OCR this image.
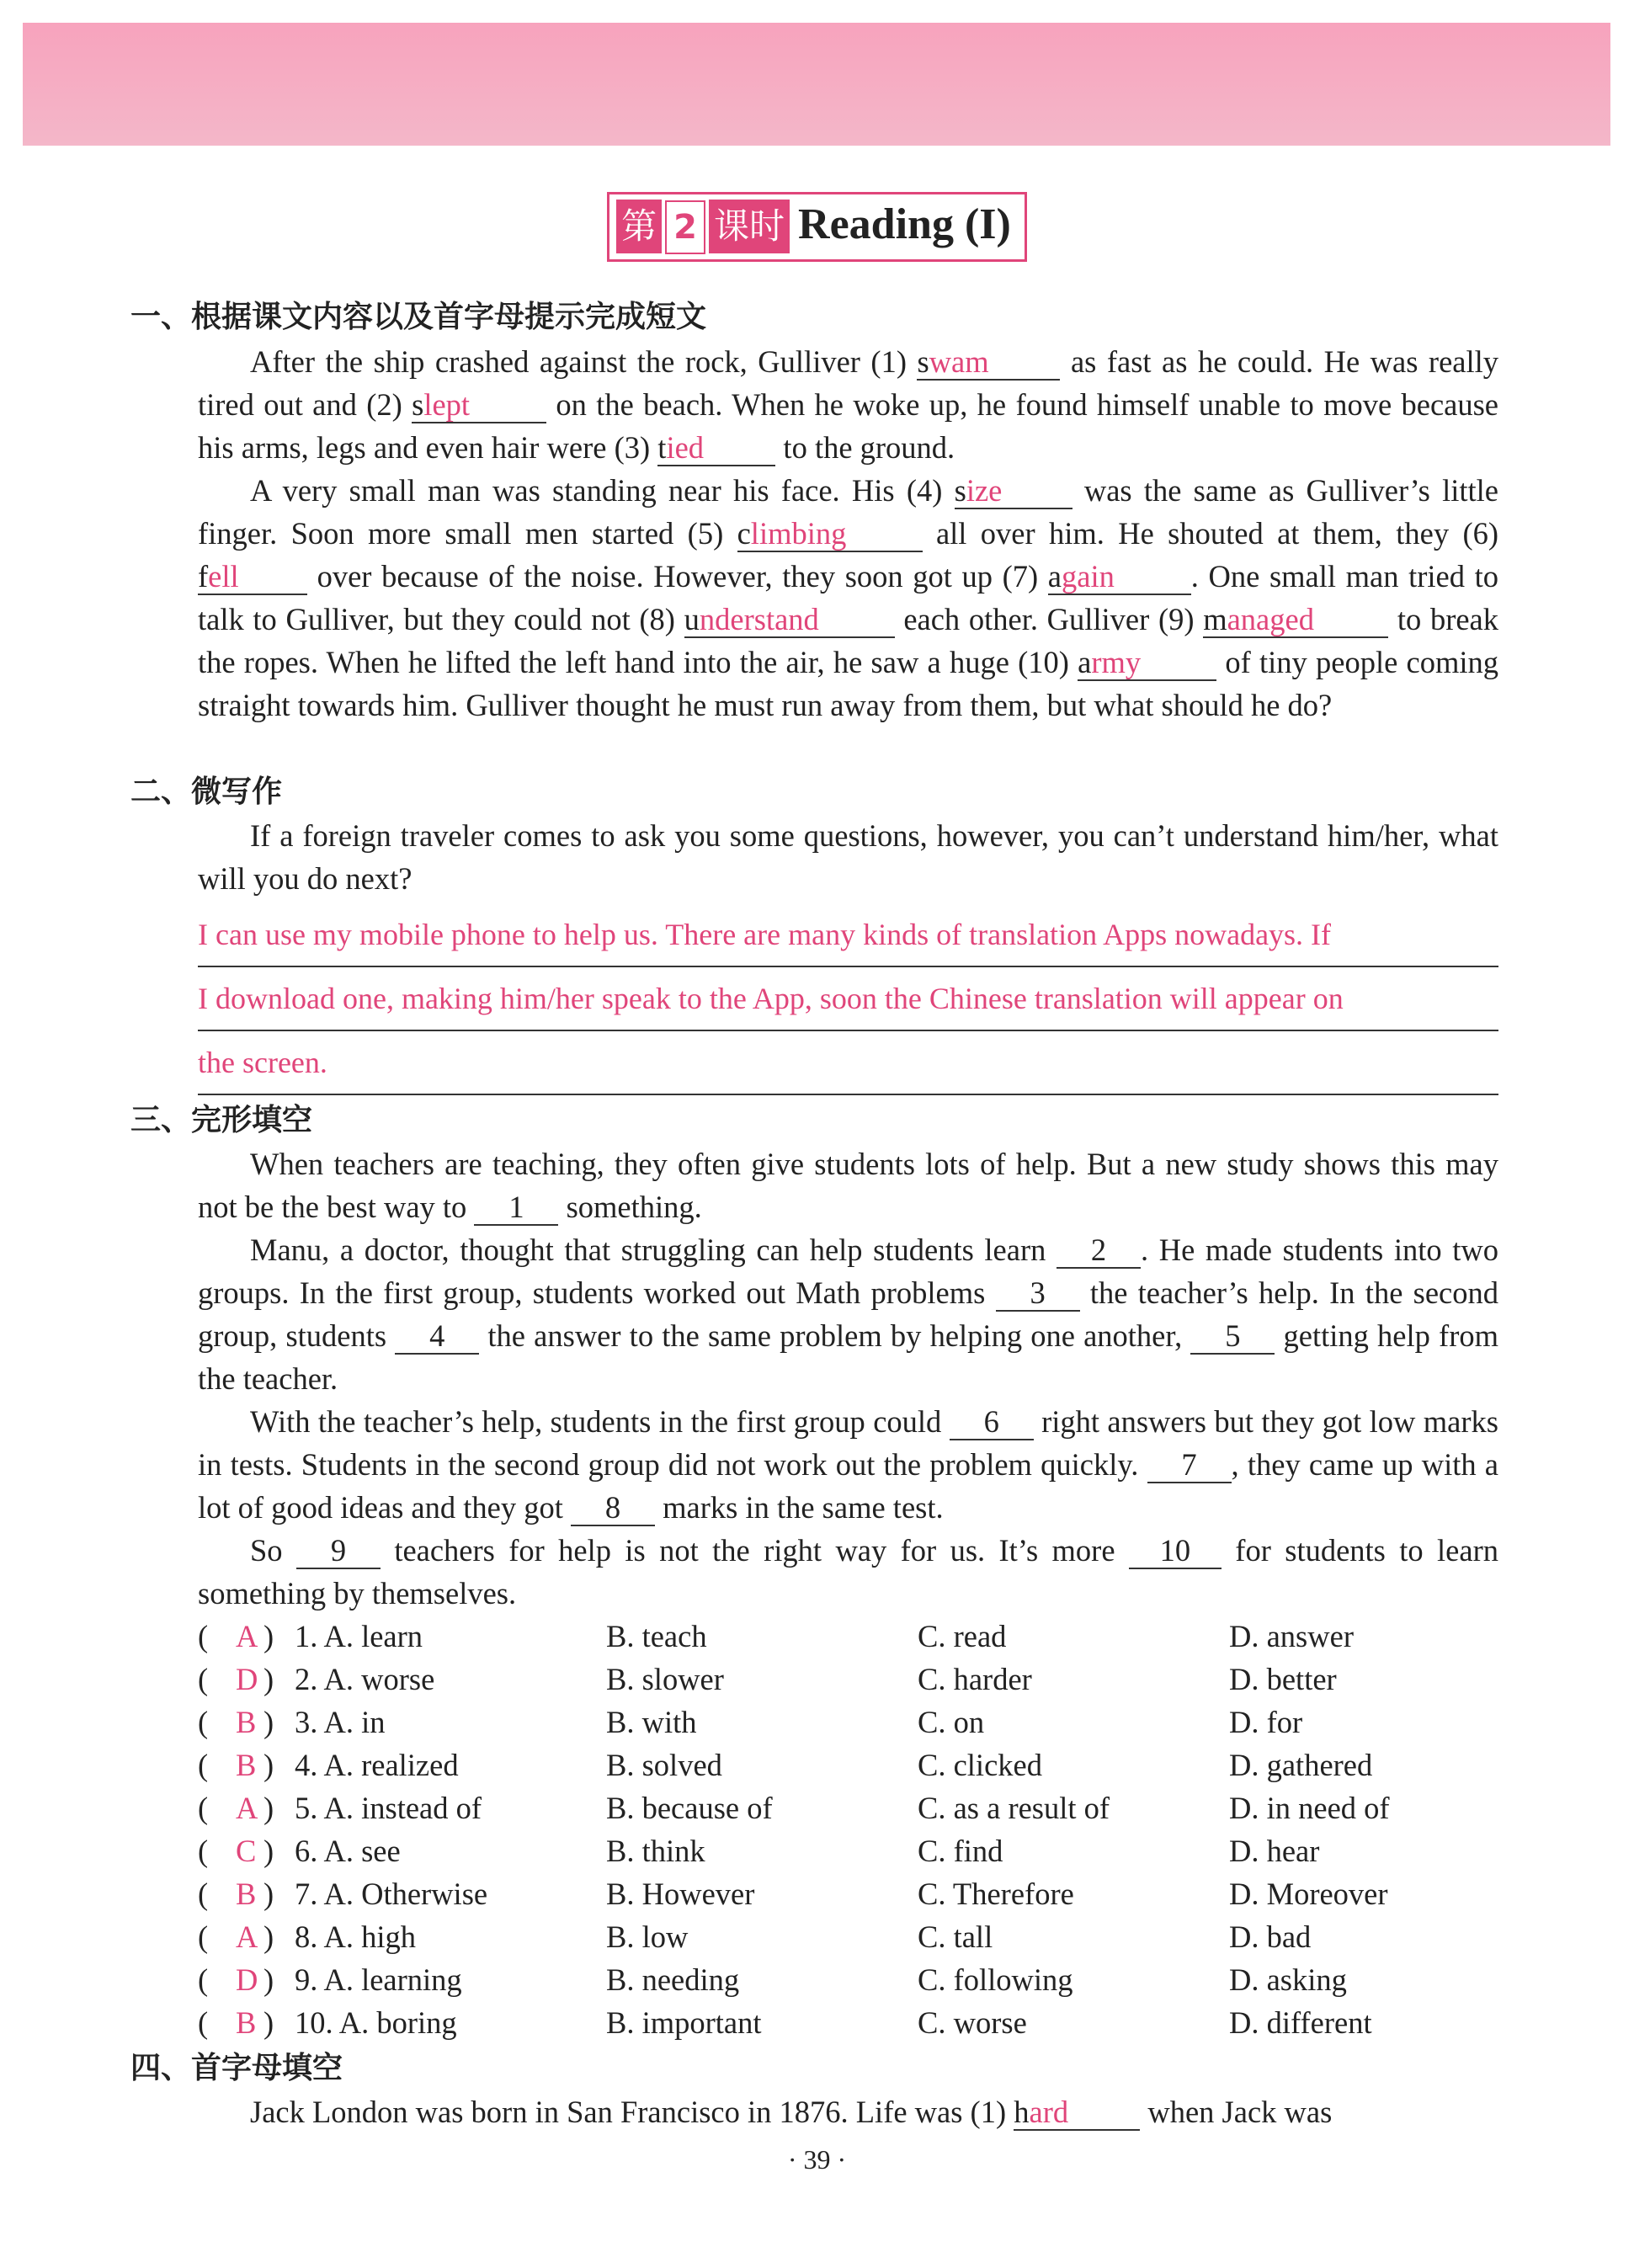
第 2 课时 Reading (I)
一、根据课文内容以及首字母提示完成短文
After the ship crashed against the rock, Gulliver (1) swam as fast as he could. He was really tired out and (2) slept on the beach. When he woke up, he found himself unable to move because his arms, legs and even hair were (3) tied to the ground.
A very small man was standing near his face. His (4) size was the same as Gulliver’s little finger. Soon more small men started (5) climbing all over him. He shouted at them, they (6) fell over because of the noise. However, they soon got up (7) again . One small man tried to talk to Gulliver, but they could not (8) understand each other. Gulliver (9) managed to break the ropes. When he lifted the left hand into the air, he saw a huge (10) army of tiny people coming straight towards him. Gulliver thought he must run away from them, but what should he do?
二、微写作
If a foreign traveler comes to ask you some questions, however, you can’t understand him/her, what will you do next?
I can use my mobile phone to help us. There are many kinds of translation Apps nowadays. If
I download one, making him/her speak to the App, soon the Chinese translation will appear on
the screen.
三、完形填空
When teachers are teaching, they often give students lots of help. But a new study shows this may not be the best way to 1 something.
Manu, a doctor, thought that struggling can help students learn 2 . He made students into two groups. In the first group, students worked out Math problems 3 the teacher’s help. In the second group, students 4 the answer to the same problem by helping one another, 5 getting help from the teacher.
With the teacher’s help, students in the first group could 6 right answers but they got low marks in tests. Students in the second group did not work out the problem quickly. 7 , they came up with a lot of good ideas and they got 8 marks in the same test.
So 9 teachers for help is not the right way for us. It’s more 10 for students to learn something by themselves.
( A ) 1. A. learn	B. teach	C. read	D. answer
( D ) 2. A. worse	B. slower	C. harder	D. better
( B ) 3. A. in	B. with	C. on	D. for
( B ) 4. A. realized	B. solved	C. clicked	D. gathered
( A ) 5. A. instead of	B. because of	C. as a result of	D. in need of
( C ) 6. A. see	B. think	C. find	D. hear
( B ) 7. A. Otherwise	B. However	C. Therefore	D. Moreover
( A ) 8. A. high	B. low	C. tall	D. bad
( D ) 9. A. learning	B. needing	C. following	D. asking
( B ) 10. A. boring	B. important	C. worse	D. different
四、首字母填空
Jack London was born in San Francisco in 1876. Life was (1) hard when Jack was
· 39 ·
